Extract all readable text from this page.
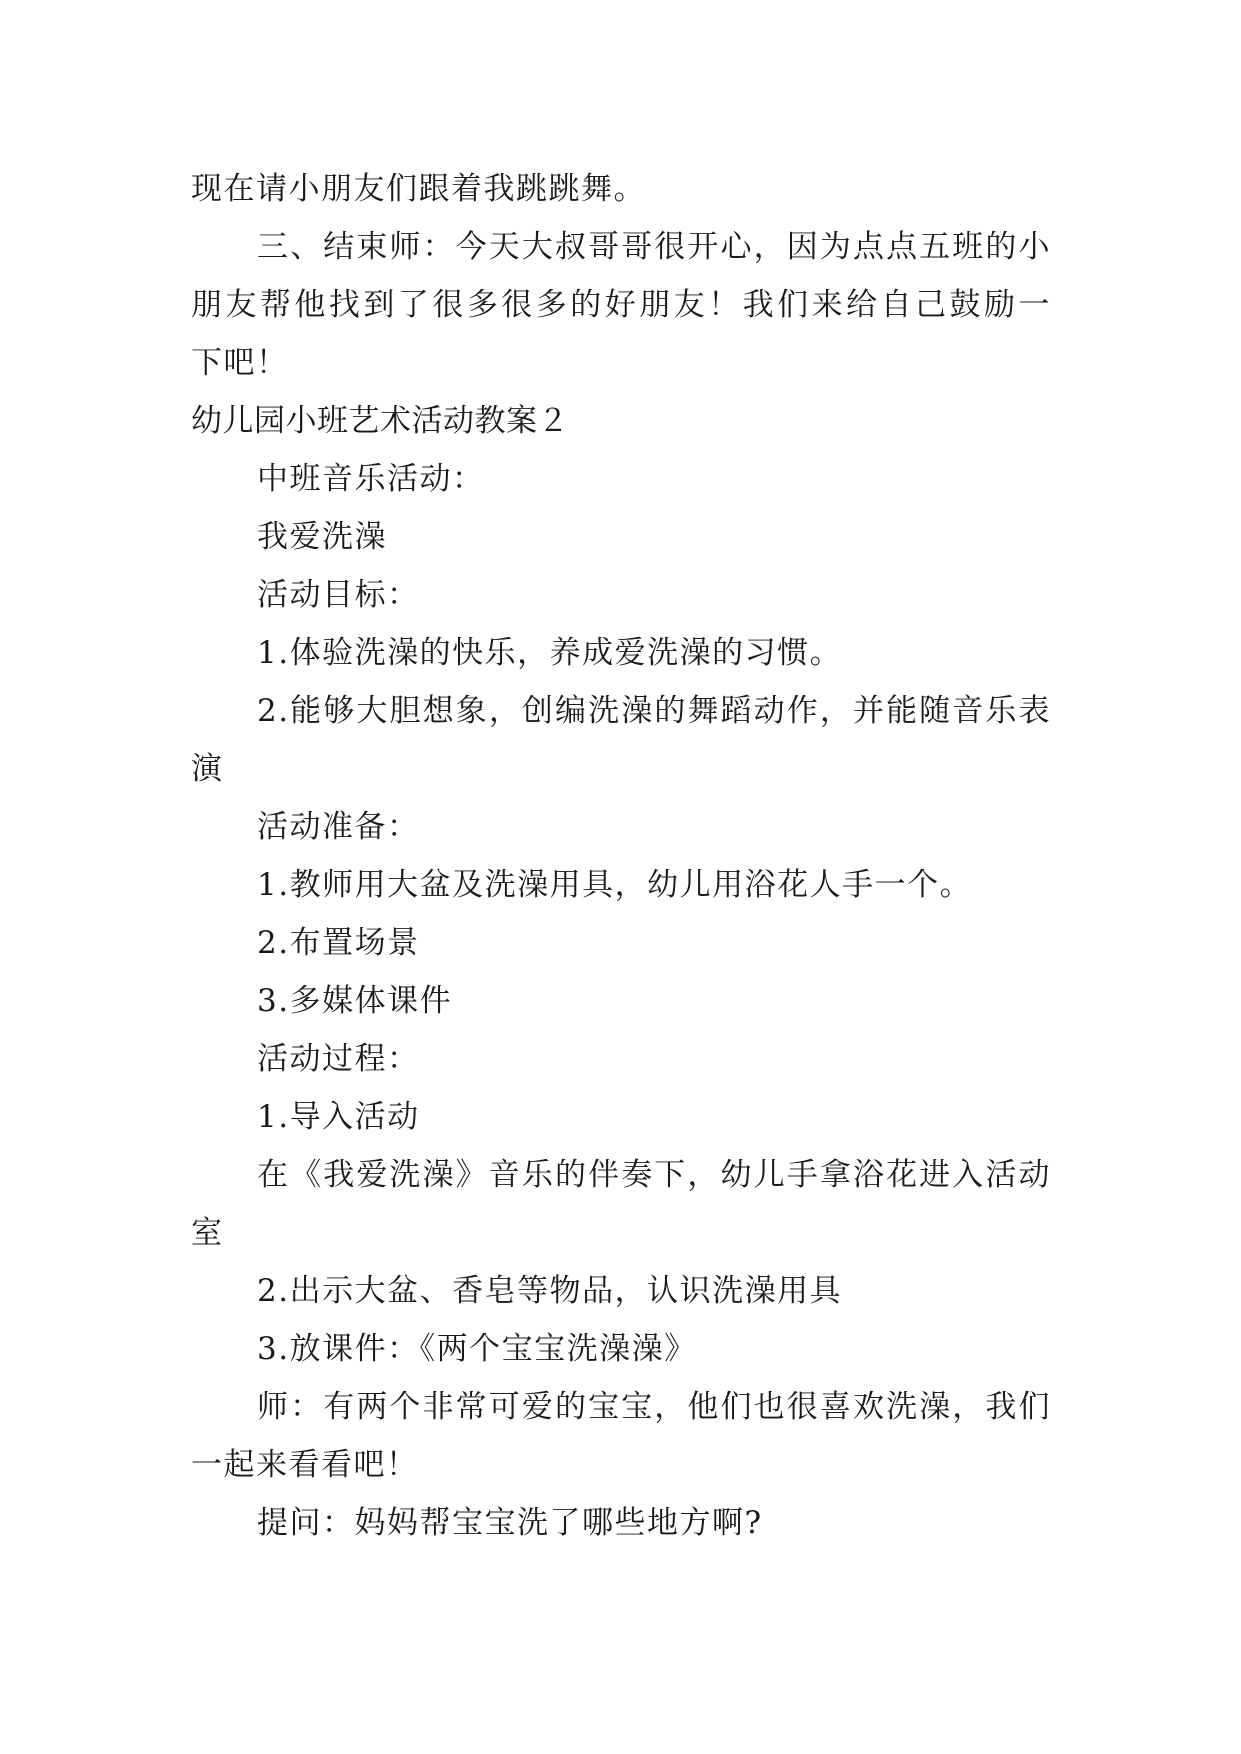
现在请小朋友们跟着我跳跳舞。
三、结束师：今天大叔哥哥很开心，因为点点五班的小
朋友帮他找到了很多很多的好朋友！我们来给自己鼓励一
下吧！
幼儿园小班艺术活动教案２
中班音乐活动：
我爱洗澡
活动目标：
1.体验洗澡的快乐，养成爱洗澡的习惯。
2.能够大胆想象，创编洗澡的舞蹈动作，并能随音乐表
演
活动准备：
1.教师用大盆及洗澡用具，幼儿用浴花人手一个。
2.布置场景
3.多媒体课件
活动过程：
1.导入活动
在《我爱洗澡》音乐的伴奏下，幼儿手拿浴花进入活动
室
2.出示大盆、香皂等物品，认识洗澡用具
3.放课件：《两个宝宝洗澡澡》
师：有两个非常可爱的宝宝，他们也很喜欢洗澡，我们
一起来看看吧！
提问：妈妈帮宝宝洗了哪些地方啊?
